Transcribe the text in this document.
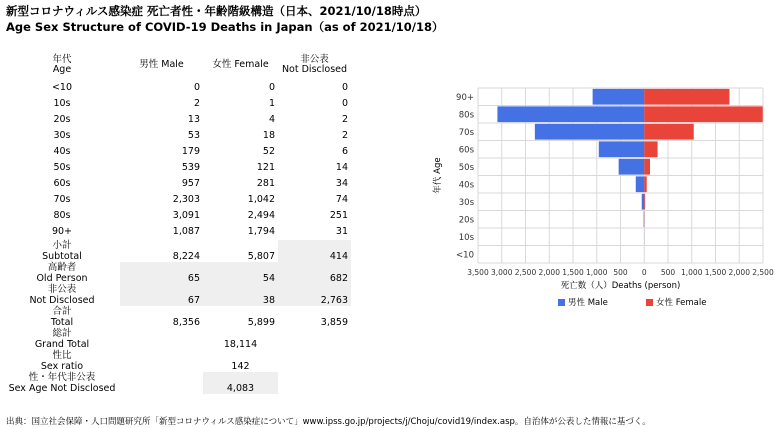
新型コロナウィルス感染症 死亡者性・年齢階級構造（日本、2021/10/18時点）
Age Sex Structure of COVID-19 Deaths in Japan（as of 2021/10/18）
年代
Age	男性 Male	女性 Female	非公表
Not Disclosed
<10	0	0	0
10s	2	1	0
20s	13	4	2
30s	53	18	2
40s	179	52	6
50s	539	121	14
60s	957	281	34
70s	2,303	1,042	74
80s	3,091	2,494	251
90+	1,087	1,794	31
小計
Subtotal	8,224	5,807	414
高齢者
Old Person	65	54	682
非公表
Not Disclosed	67	38	2,763
合計
Total	8,356	5,899	3,859
総計
Grand Total		18,114	
性比
Sex ratio		142	
性・年代非公表
Sex Age Not Disclosed		4,083	
90+
80s
70s
60s
50s
40s
30s
20s
10s
<10
3,500 3,000 2,500 2,000 1,500 1,000 500 0 500 1,000 1,500 2,000 2,500
死亡数（人）Deaths (person)
年代 Age
男性 Male	女性 Female
出典：国立社会保障・人口問題研究所「新型コロナウィルス感染症について」www.ipss.go.jp/projects/j/Choju/covid19/index.asp。自治体が公表した情報に基づく。
